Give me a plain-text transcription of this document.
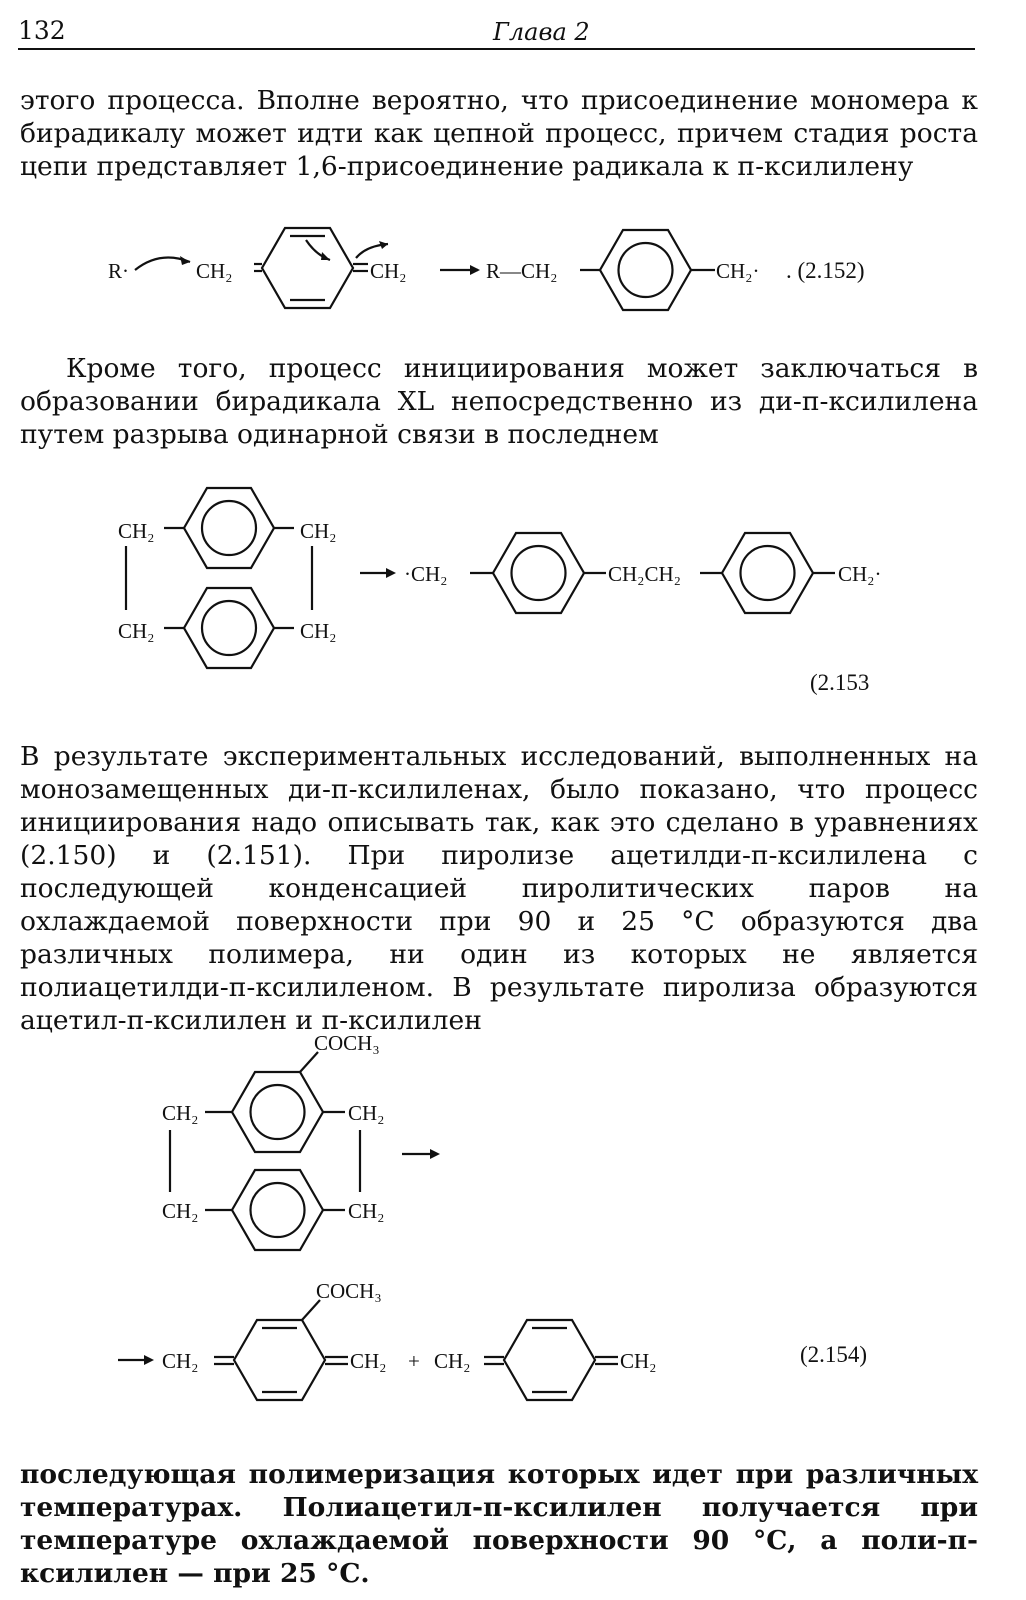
132	Глава 2

этого процесса. Вполне вероятно, что присоединение мономера к бирадикалу может идти как цепной процесс, причем стадия роста цепи представляет 1,6-присоединение радикала к п-ксилилену

R·	CH₂	CH₂	R—CH₂	CH₂· . (2.152)

Кроме того, процесс инициирования может заключаться в образовании бирадикала XL непосредственно из ди-п-ксилилена путем разрыва одинарной связи в последнем

CH₂	CH₂
CH₂	CH₂
·CH₂	CH₂CH₂	CH₂·
(2.153

В результате экспериментальных исследований, выполненных на монозамещенных ди-п-ксилиленах, было показано, что процесс инициирования надо описывать так, как это сделано в уравнениях (2.150) и (2.151). При пиролизе ацетилди-п-ксилилена с последующей конденсацией пиролитических паров на охлаждаемой поверхности при 90 и 25 °С образуются два различных полимера, ни один из которых не является полиацетилди-п-ксилиленом. В результате пиролиза образуются ацетил-п-ксилилен и п-ксилилен

COCH₃
CH₂	CH₂
CH₂	CH₂
CH₂
COCH₃
CH₂ + CH₂	CH₂	(2.154)

последующая полимеризация которых идет при различных температурах. Полиацетил-п-ксилилен получается при температуре охлаждаемой поверхности 90 °С, а поли-п-ксилилен — при 25 °С.
